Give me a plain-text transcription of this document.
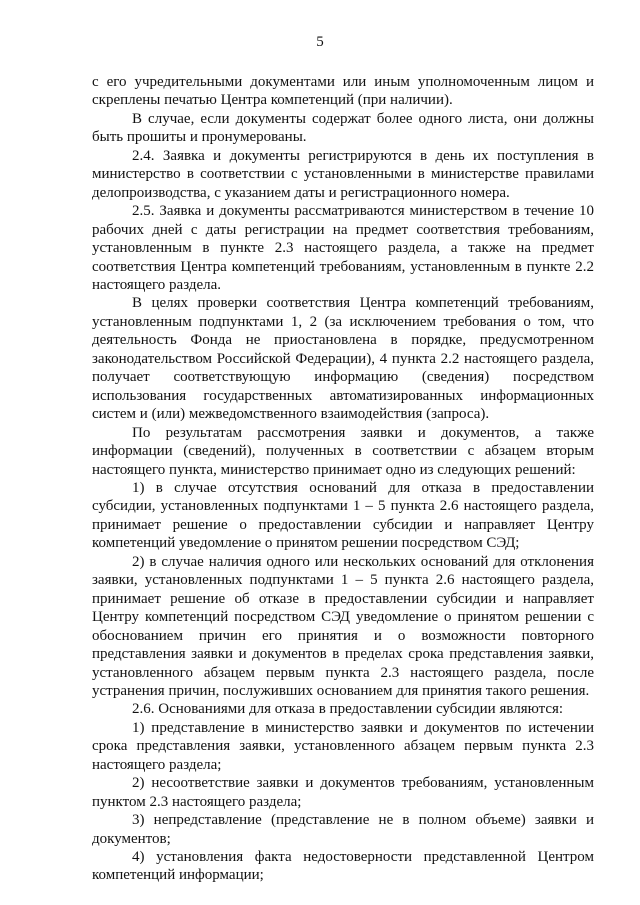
5

с его учредительными документами или иным уполномоченным лицом и скреплены печатью Центра компетенций (при наличии).

В случае, если документы содержат более одного листа, они должны быть прошиты и пронумерованы.

2.4. Заявка и документы регистрируются в день их поступления в министерство в соответствии с установленными в министерстве правилами делопроизводства, с указанием даты и регистрационного номера.

2.5. Заявка и документы рассматриваются министерством в течение 10 рабочих дней с даты регистрации на предмет соответствия требованиям, установленным в пункте 2.3 настоящего раздела, а также на предмет соответствия Центра компетенций требованиям, установленным в пункте 2.2 настоящего раздела.

В целях проверки соответствия Центра компетенций требованиям, установленным подпунктами 1, 2 (за исключением требования о том, что деятельность Фонда не приостановлена в порядке, предусмотренном законодательством Российской Федерации), 4 пункта 2.2 настоящего раздела, получает соответствующую информацию (сведения) посредством использования государственных автоматизированных информационных систем и (или) межведомственного взаимодействия (запроса).

По результатам рассмотрения заявки и документов, а также информации (сведений), полученных в соответствии с абзацем вторым настоящего пункта, министерство принимает одно из следующих решений:

1) в случае отсутствия оснований для отказа в предоставлении субсидии, установленных подпунктами 1 – 5 пункта 2.6 настоящего раздела, принимает решение о предоставлении субсидии и направляет Центру компетенций уведомление о принятом решении посредством СЭД;

2) в случае наличия одного или нескольких оснований для отклонения заявки, установленных подпунктами 1 – 5 пункта 2.6 настоящего раздела, принимает решение об отказе в предоставлении субсидии и направляет Центру компетенций посредством СЭД уведомление о принятом решении с обоснованием причин его принятия и о возможности повторного представления заявки и документов в пределах срока представления заявки, установленного абзацем первым пункта 2.3 настоящего раздела, после устранения причин, послуживших основанием для принятия такого решения.

2.6. Основаниями для отказа в предоставлении субсидии являются:

1) представление в министерство заявки и документов по истечении срока представления заявки, установленного абзацем первым пункта 2.3 настоящего раздела;

2) несоответствие заявки и документов требованиям, установленным пунктом 2.3 настоящего раздела;

3) непредставление (представление не в полном объеме) заявки и документов;

4) установления факта недостоверности представленной Центром компетенций информации;
